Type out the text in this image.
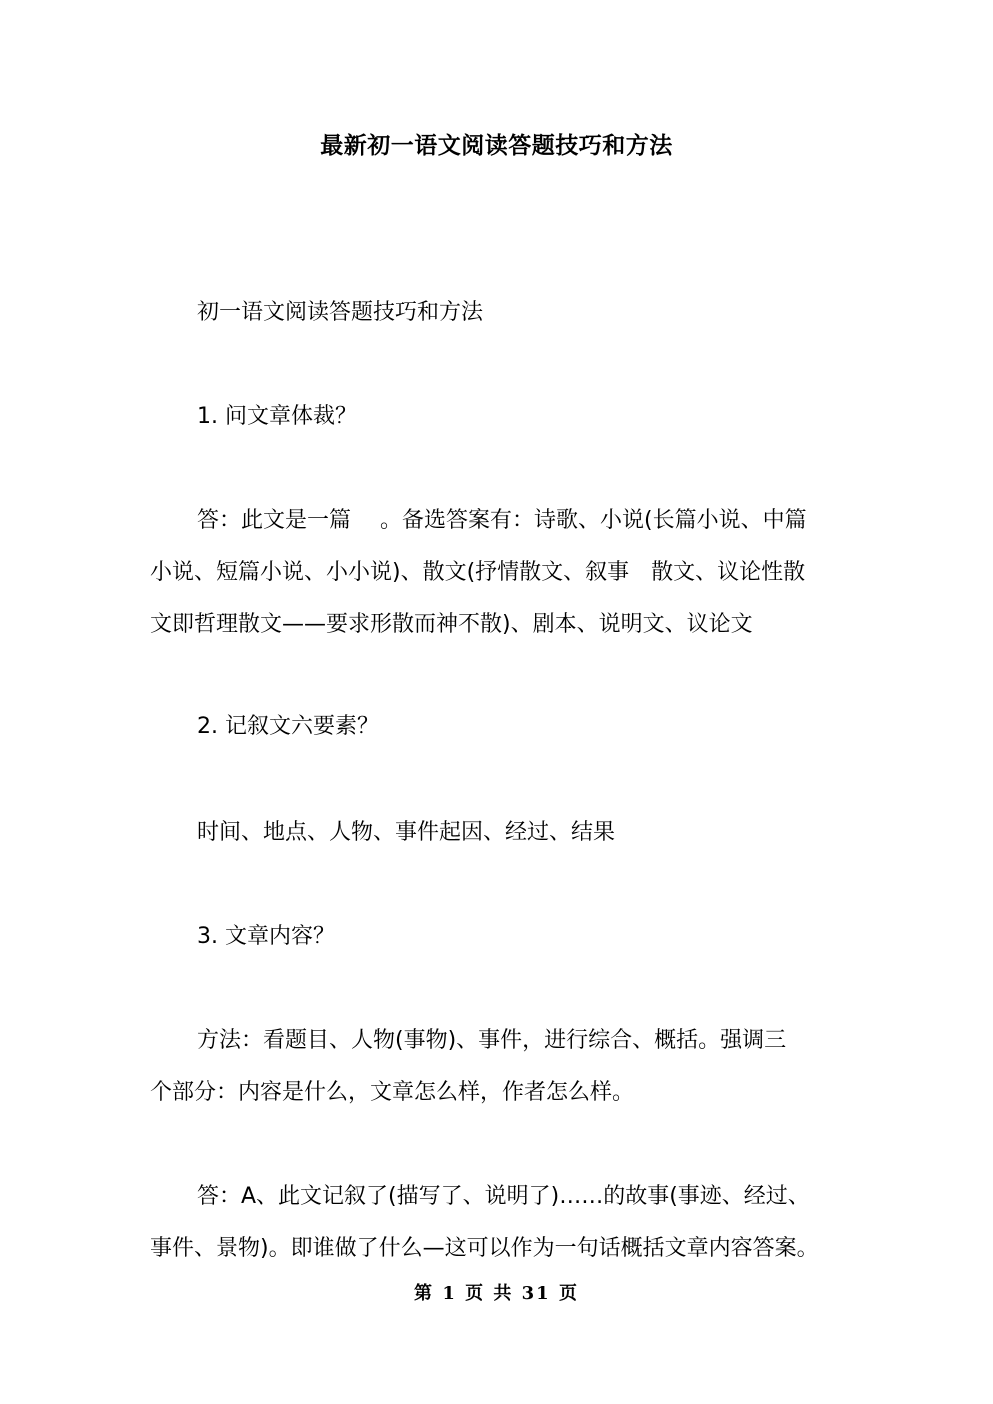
最新初一语文阅读答题技巧和方法

初一语文阅读答题技巧和方法

1. 问文章体裁？

答：此文是一篇　 。备选答案有：诗歌、小说(长篇小说、中篇
小说、短篇小说、小小说)、散文(抒情散文、叙事　散文、议论性散
文即哲理散文——要求形散而神不散)、剧本、说明文、议论文

2. 记叙文六要素？

时间、地点、人物、事件起因、经过、结果

3. 文章内容？

方法：看题目、人物(事物)、事件，进行综合、概括。强调三
个部分：内容是什么，文章怎么样，作者怎么样。

答：A、此文记叙了(描写了、说明了)……的故事(事迹、经过、
事件、景物)。即谁做了什么—这可以作为一句话概括文章内容答案。

第 1 页 共 31 页
